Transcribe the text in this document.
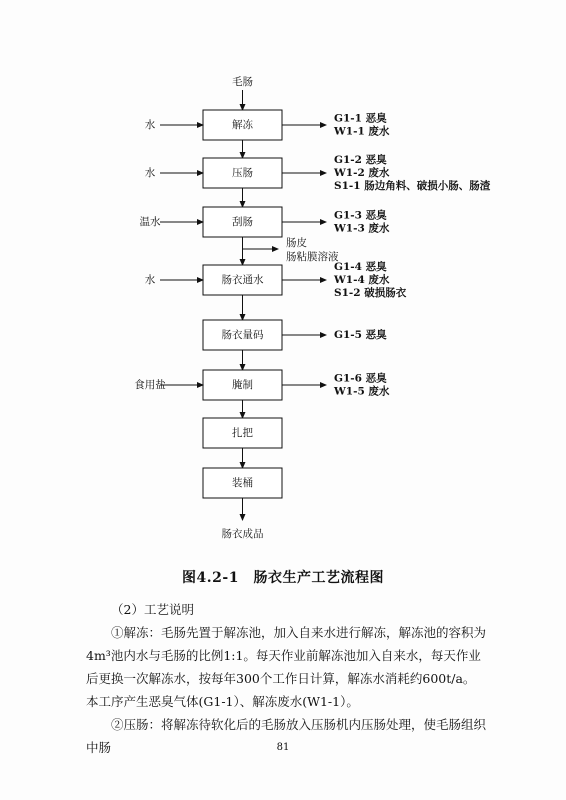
毛肠
解冻
水
G1-1 恶臭
W1-1 废水
压肠
水
G1-2 恶臭
W1-2 废水
S1-1 肠边角料、破损小肠、肠渣
刮肠
温水
G1-3 恶臭
W1-3 废水
肠衣通水
水
G1-4 恶臭
W1-4 废水
S1-2 破损肠衣
肠衣量码	G1-5 恶臭
腌制
食用盐
G1-6 恶臭
W1-5 废水
扎把
装桶
肠衣成品
肠皮
肠粘膜溶液
图4.2-1　肠衣生产工艺流程图

（2）工艺说明

①解冻：毛肠先置于解冻池，加入自来水进行解冻，解冻池的容积为4m³池内水与毛肠的比例1:1。每天作业前解冻池加入自来水，每天作业后更换一次解冻水，按每年300个工作日计算，解冻水消耗约600t/a。本工序产生恶臭气体(G1-1）、解冻废水(W1-1）。

②压肠：将解冻待软化后的毛肠放入压肠机内压肠处理，使毛肠组织中肠	81
